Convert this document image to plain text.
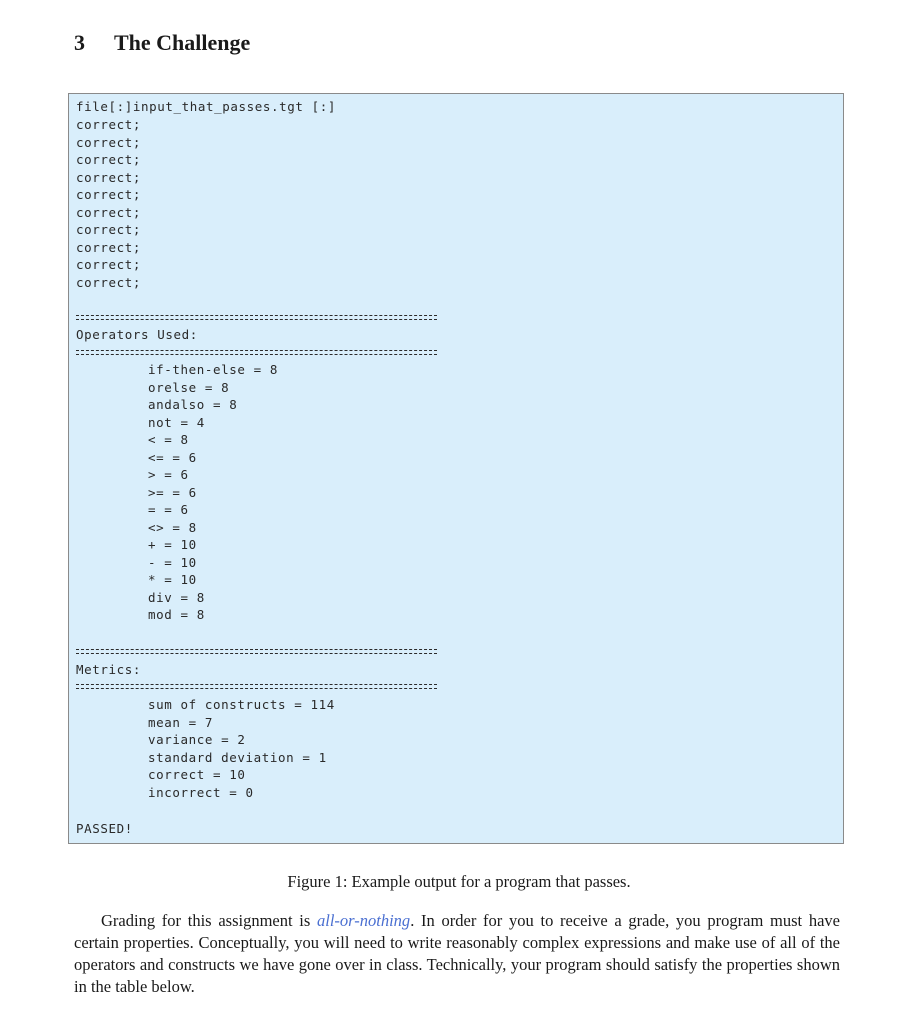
3 The Challenge
file[:]input_that_passes.tgt [:]
correct;
correct;
correct;
correct;
correct;
correct;
correct;
correct;
correct;
correct;
Operators Used:
if-then-else = 8
orelse = 8
andalso = 8
not = 4
< = 8
<= = 6
> = 6
>= = 6
= = 6
<> = 8
+ = 10
- = 10
* = 10
div = 8
mod = 8
Metrics:
sum of constructs = 114
mean = 7
variance = 2
standard deviation = 1
correct = 10
incorrect = 0
PASSED!
Figure 1: Example output for a program that passes.
Grading for this assignment is all-or-nothing. In order for you to receive a grade, you program must have certain properties. Conceptually, you will need to write reasonably complex expressions and make use of all of the operators and constructs we have gone over in class. Technically, your program should satisfy the properties shown in the table below.
